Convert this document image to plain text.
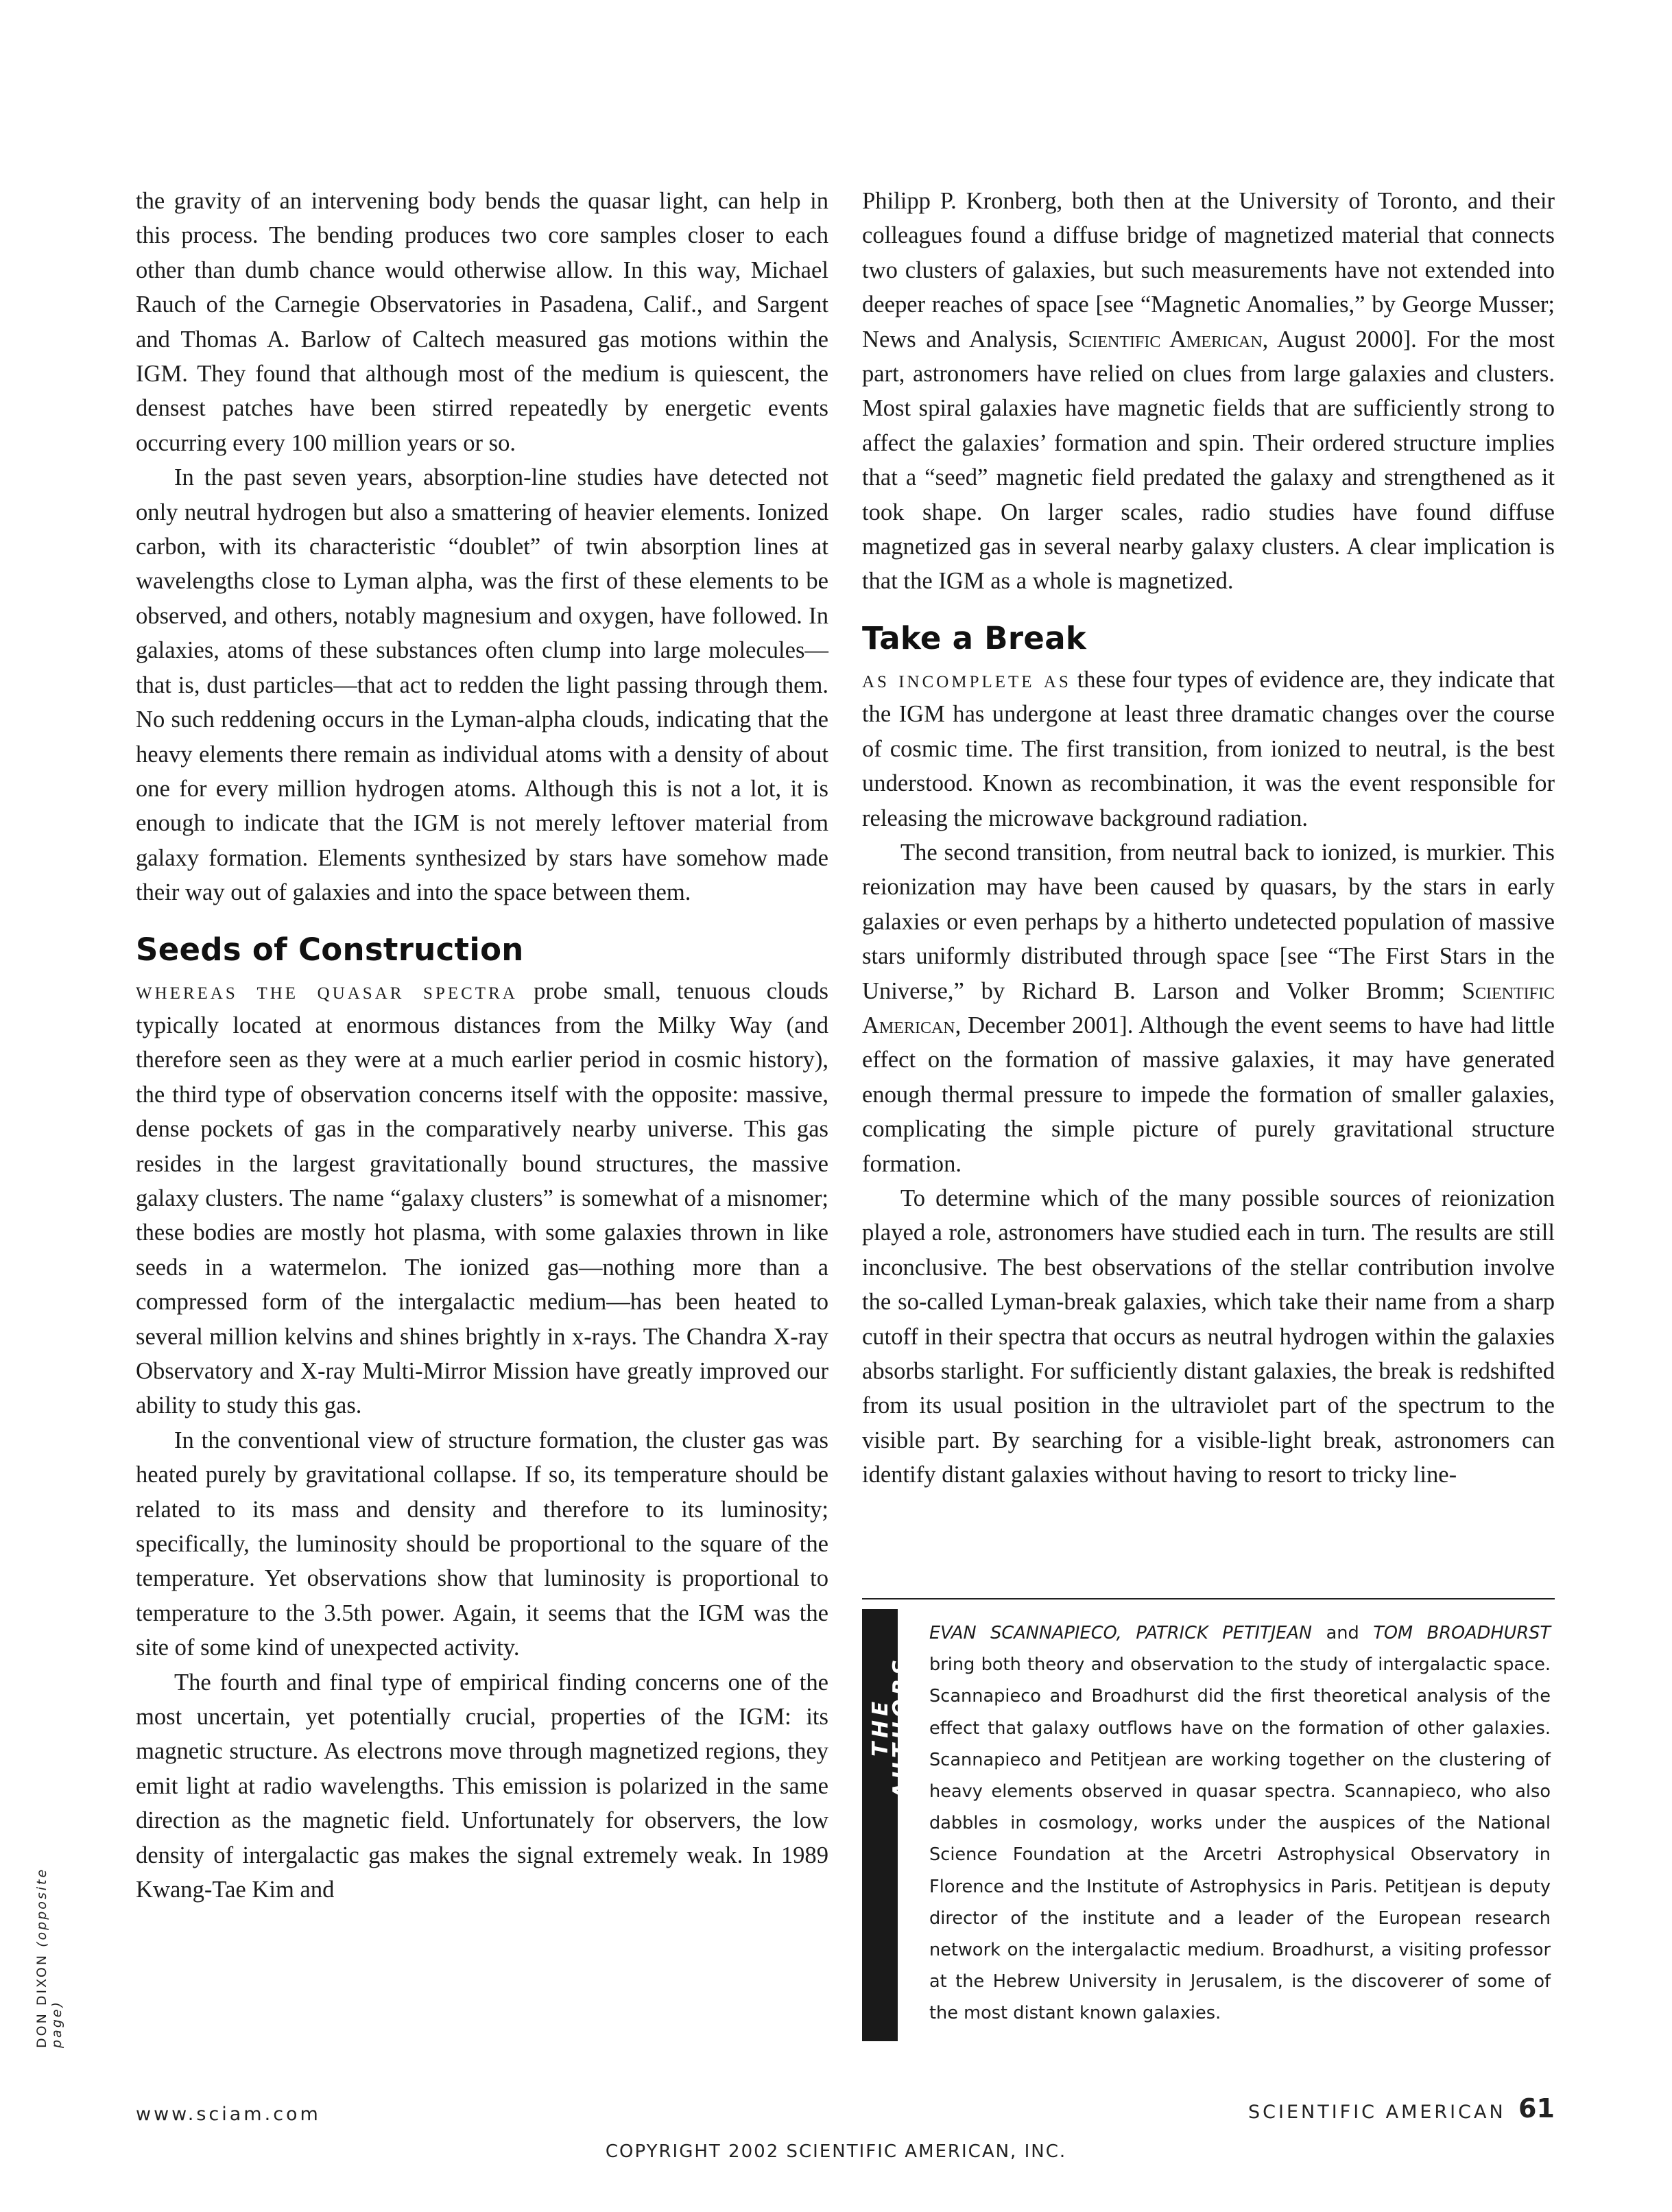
the gravity of an intervening body bends the quasar light, can help in this process. The bending produces two core samples closer to each other than dumb chance would otherwise allow. In this way, Michael Rauch of the Carnegie Observatories in Pasadena, Calif., and Sargent and Thomas A. Barlow of Caltech measured gas motions within the IGM. They found that although most of the medium is quiescent, the densest patches have been stirred repeatedly by energetic events occurring every 100 million years or so.

In the past seven years, absorption-line studies have detected not only neutral hydrogen but also a smattering of heavier elements. Ionized carbon, with its characteristic “doublet” of twin absorption lines at wavelengths close to Lyman alpha, was the first of these elements to be observed, and others, notably magnesium and oxygen, have followed. In galaxies, atoms of these substances often clump into large molecules—that is, dust particles—that act to redden the light passing through them. No such reddening occurs in the Lyman-alpha clouds, indicating that the heavy elements there remain as individual atoms with a density of about one for every million hydrogen atoms. Although this is not a lot, it is enough to indicate that the IGM is not merely leftover material from galaxy formation. Elements synthesized by stars have somehow made their way out of galaxies and into the space between them.

Seeds of Construction

whereas the quasar spectra probe small, tenuous clouds typically located at enormous distances from the Milky Way (and therefore seen as they were at a much earlier period in cosmic history), the third type of observation concerns itself with the opposite: massive, dense pockets of gas in the comparatively nearby universe. This gas resides in the largest gravitationally bound structures, the massive galaxy clusters. The name “galaxy clusters” is somewhat of a misnomer; these bodies are mostly hot plasma, with some galaxies thrown in like seeds in a watermelon. The ionized gas—nothing more than a compressed form of the intergalactic medium—has been heated to several million kelvins and shines brightly in x-rays. The Chandra X-ray Observatory and X-ray Multi-Mirror Mission have greatly improved our ability to study this gas.

In the conventional view of structure formation, the cluster gas was heated purely by gravitational collapse. If so, its temperature should be related to its mass and density and therefore to its luminosity; specifically, the luminosity should be proportional to the square of the temperature. Yet observations show that luminosity is proportional to temperature to the 3.5th power. Again, it seems that the IGM was the site of some kind of unexpected activity.

The fourth and final type of empirical finding concerns one of the most uncertain, yet potentially crucial, properties of the IGM: its magnetic structure. As electrons move through magnetized regions, they emit light at radio wavelengths. This emission is polarized in the same direction as the magnetic field. Unfortunately for observers, the low density of intergalactic gas makes the signal extremely weak. In 1989 Kwang-Tae Kim and

Philipp P. Kronberg, both then at the University of Toronto, and their colleagues found a diffuse bridge of magnetized material that connects two clusters of galaxies, but such measurements have not extended into deeper reaches of space [see “Magnetic Anomalies,” by George Musser; News and Analysis, Scientific American, August 2000]. For the most part, astronomers have relied on clues from large galaxies and clusters. Most spiral galaxies have magnetic fields that are sufficiently strong to affect the galaxies’ formation and spin. Their ordered structure implies that a “seed” magnetic field predated the galaxy and strengthened as it took shape. On larger scales, radio studies have found diffuse magnetized gas in several nearby galaxy clusters. A clear implication is that the IGM as a whole is magnetized.

Take a Break

as incomplete as these four types of evidence are, they indicate that the IGM has undergone at least three dramatic changes over the course of cosmic time. The first transition, from ionized to neutral, is the best understood. Known as recombination, it was the event responsible for releasing the microwave background radiation.

The second transition, from neutral back to ionized, is murkier. This reionization may have been caused by quasars, by the stars in early galaxies or even perhaps by a hitherto undetected population of massive stars uniformly distributed through space [see “The First Stars in the Universe,” by Richard B. Larson and Volker Bromm; Scientific American, December 2001]. Although the event seems to have had little effect on the formation of massive galaxies, it may have generated enough thermal pressure to impede the formation of smaller galaxies, complicating the simple picture of purely gravitational structure formation.

To determine which of the many possible sources of reionization played a role, astronomers have studied each in turn. The results are still inconclusive. The best observations of the stellar contribution involve the so-called Lyman-break galaxies, which take their name from a sharp cutoff in their spectra that occurs as neutral hydrogen within the galaxies absorbs starlight. For sufficiently distant galaxies, the break is redshifted from its usual position in the ultraviolet part of the spectrum to the visible part. By searching for a visible-light break, astronomers can identify distant galaxies without having to resort to tricky line-

THE AUTHORS
EVAN SCANNAPIECO, PATRICK PETITJEAN and TOM BROADHURST bring both theory and observation to the study of intergalactic space. Scannapieco and Broadhurst did the first theoretical analysis of the effect that galaxy outflows have on the formation of other galaxies. Scannapieco and Petitjean are working together on the clustering of heavy elements observed in quasar spectra. Scannapieco, who also dabbles in cosmology, works under the auspices of the National Science Foundation at the Arcetri Astrophysical Observatory in Florence and the Institute of Astrophysics in Paris. Petitjean is deputy director of the institute and a leader of the European research network on the intergalactic medium. Broadhurst, a visiting professor at the Hebrew University in Jerusalem, is the discoverer of some of the most distant known galaxies.
DON DIXON (opposite page)
www.sciam.com	SCIENTIFIC AMERICAN 61
COPYRIGHT 2002 SCIENTIFIC AMERICAN, INC.
